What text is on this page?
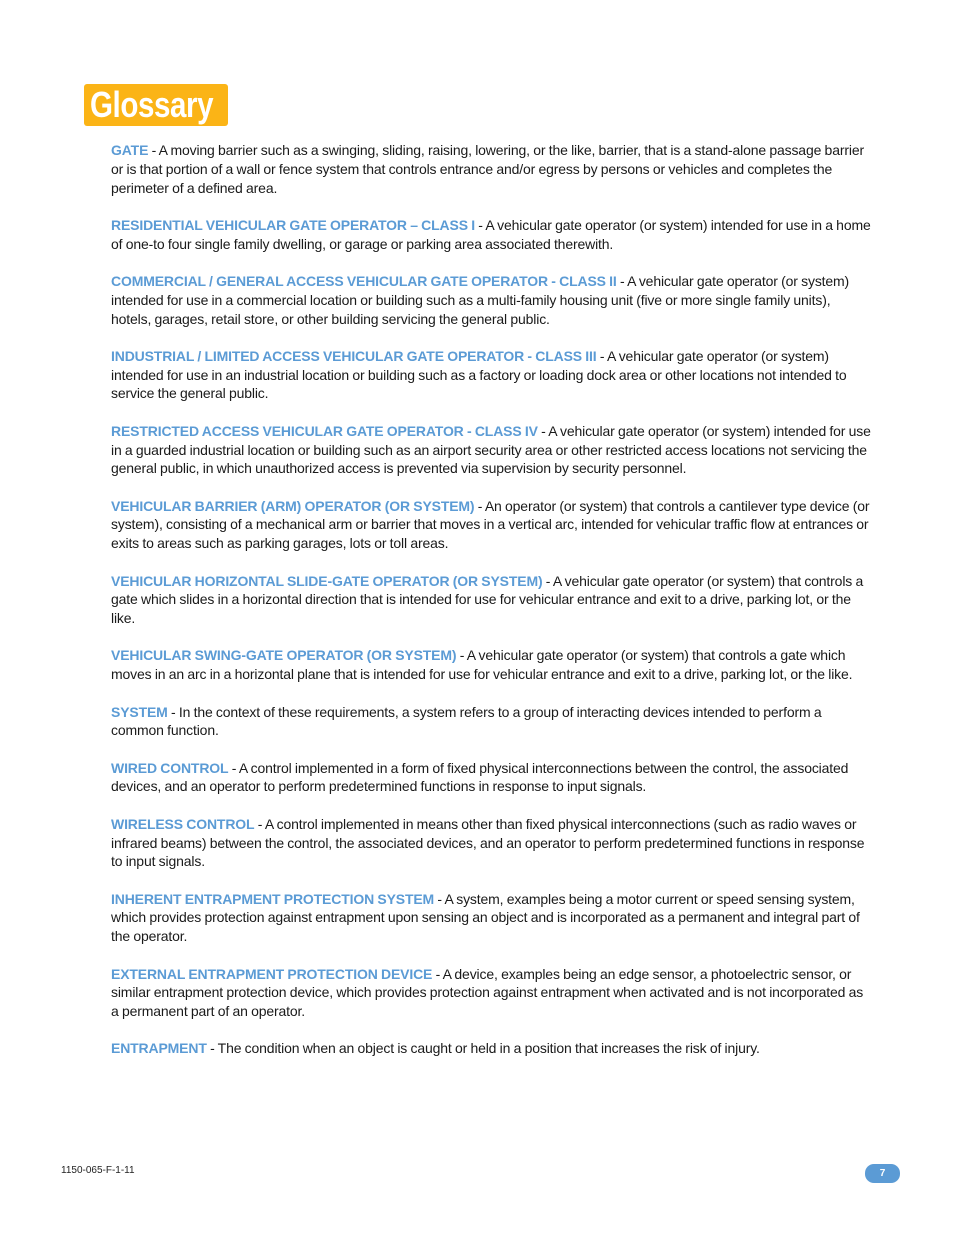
Glossary

GATE - A moving barrier such as a swinging, sliding, raising, lowering, or the like, barrier, that is a stand-alone passage barrier or is that portion of a wall or fence system that controls entrance and/or egress by persons or vehicles and completes the perimeter of a defined area.

RESIDENTIAL VEHICULAR GATE OPERATOR – CLASS I - A vehicular gate operator (or system) intended for use in a home of one-to four single family dwelling, or garage or parking area associated therewith.

COMMERCIAL / GENERAL ACCESS VEHICULAR GATE OPERATOR - CLASS II - A vehicular gate operator (or system) intended for use in a commercial location or building such as a multi-family housing unit (five or more single family units), hotels, garages, retail store, or other building servicing the general public.

INDUSTRIAL / LIMITED ACCESS VEHICULAR GATE OPERATOR - CLASS III - A vehicular gate operator (or system) intended for use in an industrial location or building such as a factory or loading dock area or other locations not intended to service the general public.

RESTRICTED ACCESS VEHICULAR GATE OPERATOR - CLASS IV - A vehicular gate operator (or system) intended for use in a guarded industrial location or building such as an airport security area or other restricted access locations not servicing the general public, in which unauthorized access is prevented via supervision by security personnel.

VEHICULAR BARRIER (ARM) OPERATOR (OR SYSTEM) - An operator (or system) that controls a cantilever type device (or system), consisting of a mechanical arm or barrier that moves in a vertical arc, intended for vehicular traffic flow at entrances or exits to areas such as parking garages, lots or toll areas.

VEHICULAR HORIZONTAL SLIDE-GATE OPERATOR (OR SYSTEM) - A vehicular gate operator (or system) that controls a gate which slides in a horizontal direction that is intended for use for vehicular entrance and exit to a drive, parking lot, or the like.

VEHICULAR SWING-GATE OPERATOR (OR SYSTEM) - A vehicular gate operator (or system) that controls a gate which moves in an arc in a horizontal plane that is intended for use for vehicular entrance and exit to a drive, parking lot, or the like.

SYSTEM - In the context of these requirements, a system refers to a group of interacting devices intended to perform a common function.

WIRED CONTROL - A control implemented in a form of fixed physical interconnections between the control, the associated devices, and an operator to perform predetermined functions in response to input signals.

WIRELESS CONTROL - A control implemented in means other than fixed physical interconnections (such as radio waves or infrared beams) between the control, the associated devices, and an operator to perform predetermined functions in response to input signals.

INHERENT ENTRAPMENT PROTECTION SYSTEM - A system, examples being a motor current or speed sensing system, which provides protection against entrapment upon sensing an object and is incorporated as a permanent and integral part of the operator.

EXTERNAL ENTRAPMENT PROTECTION DEVICE - A device, examples being an edge sensor, a photoelectric sensor, or similar entrapment protection device, which provides protection against entrapment when activated and is not incorporated as a permanent part of an operator.

ENTRAPMENT - The condition when an object is caught or held in a position that increases the risk of injury.

1150-065-F-1-11	7
